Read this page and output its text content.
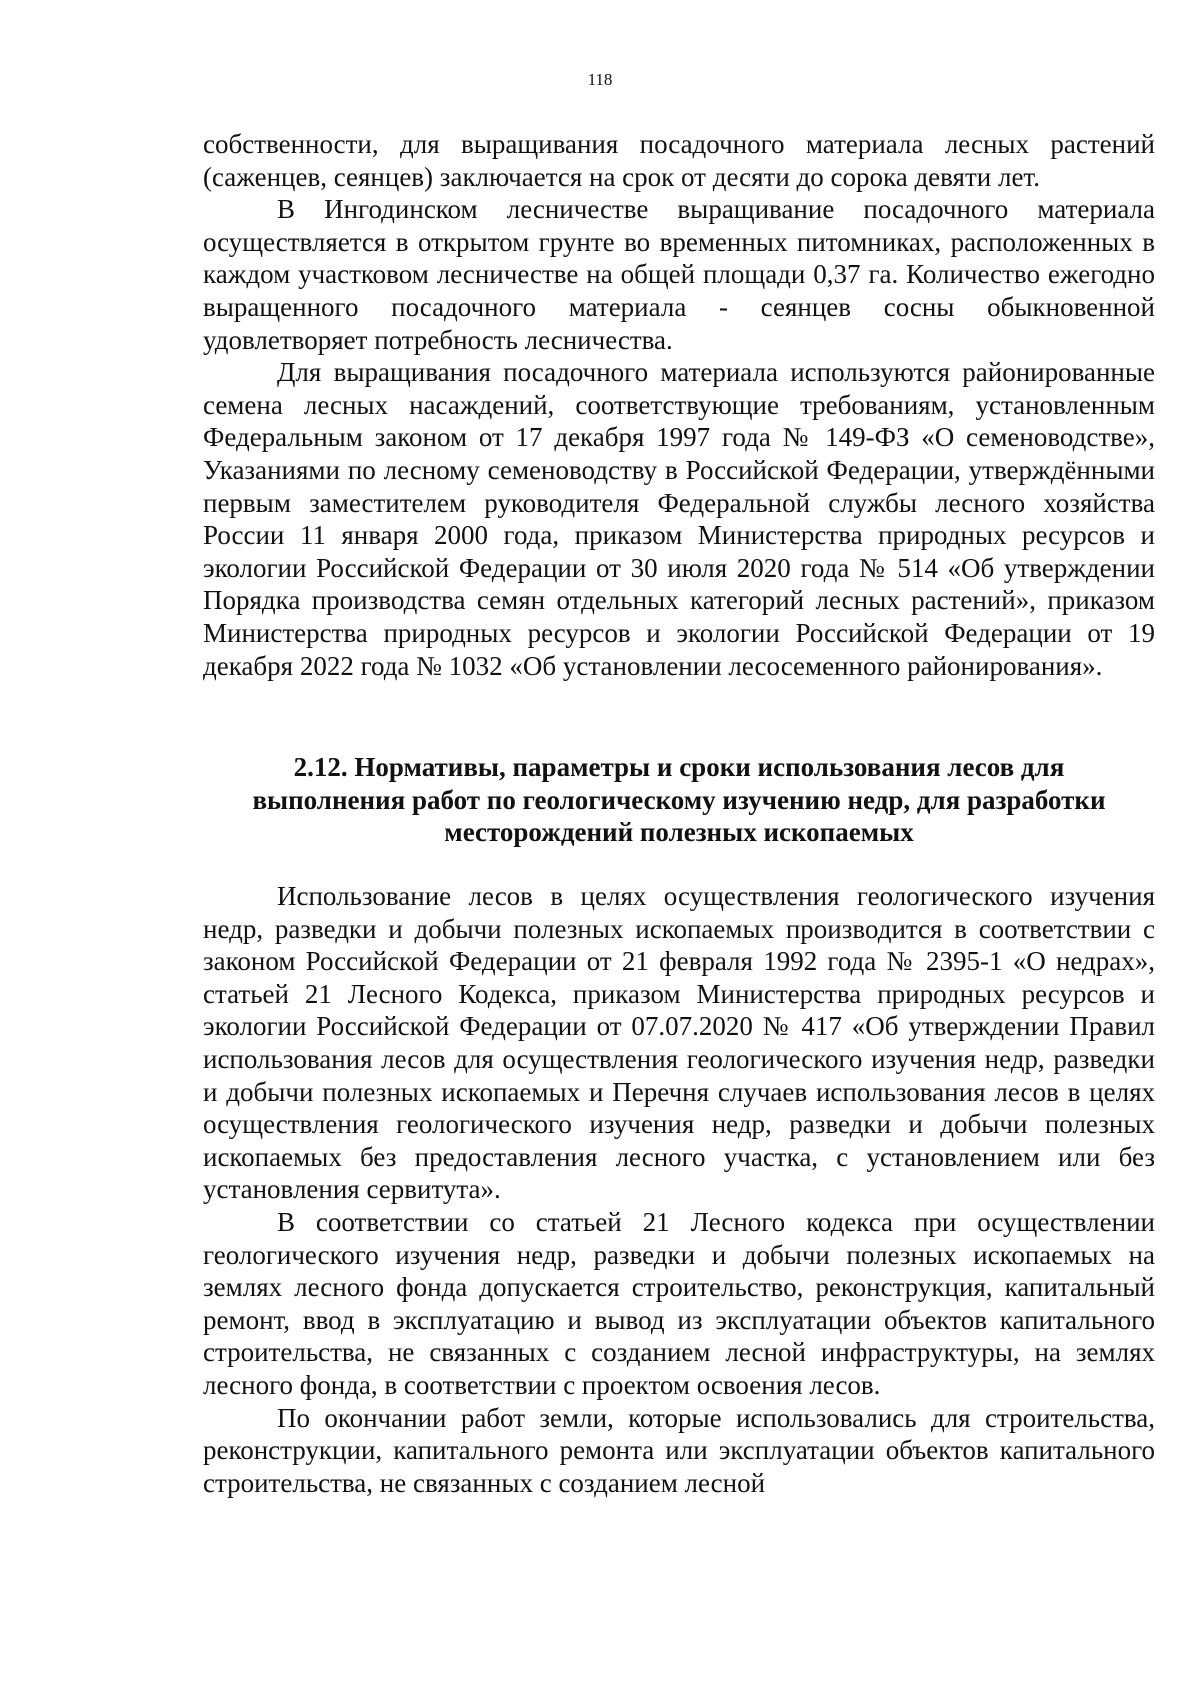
118

собственности, для выращивания посадочного материала лесных растений (саженцев, сеянцев) заключается на срок от десяти до сорока девяти лет.

В Ингодинском лесничестве выращивание посадочного материала осуществляется в открытом грунте во временных питомниках, расположенных в каждом участковом лесничестве на общей площади 0,37 га. Количество ежегодно выращенного посадочного материала - сеянцев сосны обыкновенной удовлетворяет потребность лесничества.

Для выращивания посадочного материала используются районированные семена лесных насаждений, соответствующие требованиям, установленным Федеральным законом от 17 декабря 1997 года № 149-ФЗ «О семеноводстве», Указаниями по лесному семеноводству в Российской Федерации, утверждёнными первым заместителем руководителя Федеральной службы лесного хозяйства России 11 января 2000 года, приказом Министерства природных ресурсов и экологии Российской Федерации от 30 июля 2020 года № 514 «Об утверждении Порядка производства семян отдельных категорий лесных растений», приказом Министерства природных ресурсов и экологии Российской Федерации от 19 декабря 2022 года № 1032 «Об установлении лесосеменного районирования».

2.12. Нормативы, параметры и сроки использования лесов для
выполнения работ по геологическому изучению недр, для разработки
месторождений полезных ископаемых

Использование лесов в целях осуществления геологического изучения недр, разведки и добычи полезных ископаемых производится в соответствии с законом Российской Федерации от 21 февраля 1992 года № 2395-1 «О недрах», статьей 21 Лесного Кодекса, приказом Министерства природных ресурсов и экологии Российской Федерации от 07.07.2020 № 417 «Об утверждении Правил использования лесов для осуществления геологического изучения недр, разведки и добычи полезных ископаемых и Перечня случаев использования лесов в целях осуществления геологического изучения недр, разведки и добычи полезных ископаемых без предоставления лесного участка, с установлением или без установления сервитута».

В соответствии со статьей 21 Лесного кодекса при осуществлении геологического изучения недр, разведки и добычи полезных ископаемых на землях лесного фонда допускается строительство, реконструкция, капитальный ремонт, ввод в эксплуатацию и вывод из эксплуатации объектов капитального строительства, не связанных с созданием лесной инфраструктуры, на землях лесного фонда, в соответствии с проектом освоения лесов.

По окончании работ земли, которые использовались для строительства, реконструкции, капитального ремонта или эксплуатации объектов капитального строительства, не связанных с созданием лесной
